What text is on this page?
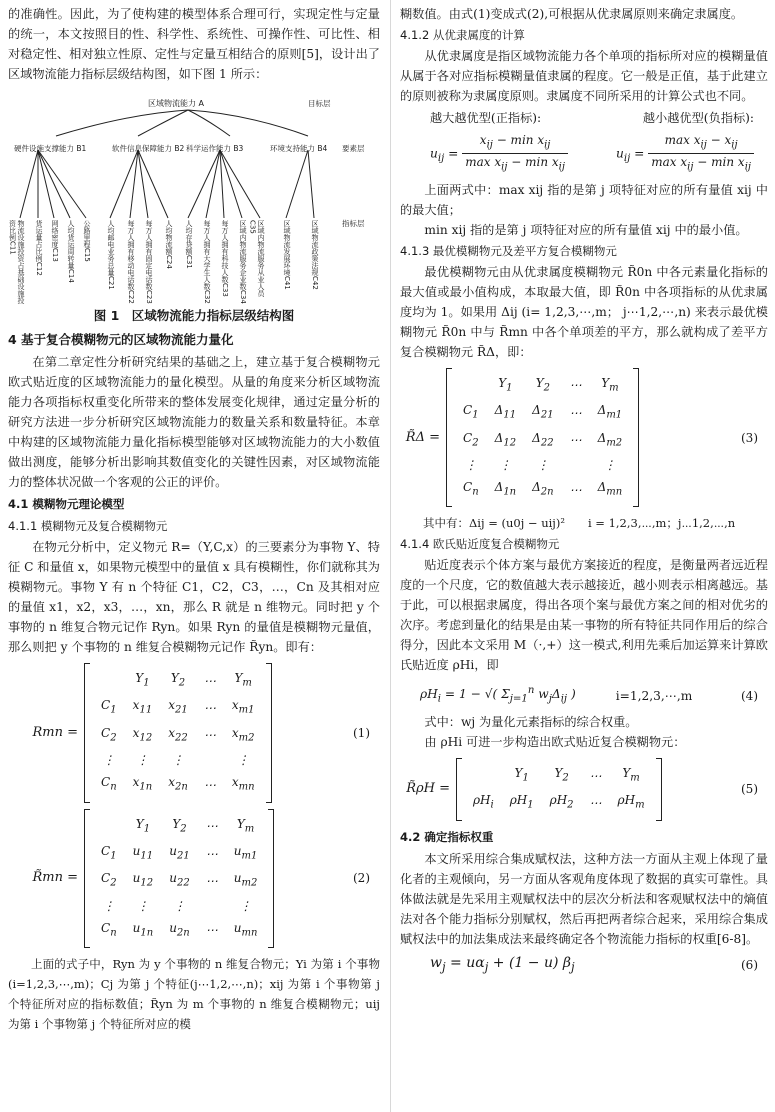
的准确性。因此，为了使构建的模型体系合理可行，实现定性与定量的统一，本文按照目的性、科学性、系统性、可操作性、可比性、相对稳定性、相对独立性原、定性与定量互相结合的原则[5]，设计出了区域物流能力指标层级结构图，如下图 1 所示：

区域物流能力 A	目标层
硬件设施支撑能力 B1	软件信息保障能力 B2 科学运作能力 B3	环境支持能力 B4 要素层
指标层
物流设施投资占基础设施投资比例C11	货运量占比例C12 网络密度C13 人均货运周转量C14 公路里程C15 人均邮电业务总量C21 每万人拥有移动电话数C22 每万人拥有固定电话数C23 人均物流额C24 人均存贷额C31 每万人拥有大学生人数C32 每万人拥有科技人数C33 区域内物流服务企业数C34 区域内物流服务从业人员C35	区域物流发展环境C41	区域物流政策法规C42
图 1　区域物流能力指标层级结构图
4 基于复合模糊物元的区域物流能力量化

在第二章定性分析研究结果的基础之上，建立基于复合模糊物元欧式贴近度的区域物流能力的量化模型。从量的角度来分析区域物流能力各项指标权重变化所带来的整体发展变化规律，通过定量分析的研究方法进一步分析研究区域物流能力的数量关系和数量特征。本章中构建的区域物流能力量化指标模型能够对区域物流能力的大小数值做出测度，能够分析出影响其数值变化的关键性因素，对区域物流能力的整体状况做一个客观的公正的评价。

4.1 模糊物元理论模型
4.1.1 模糊物元及复合模糊物元

在物元分析中，定义物元 R=（Y,C,x）的三要素分为事物 Y、特征 C 和量值 x，如果物元模型中的量值 x 具有模糊性，你们就称其为模糊物元。事物 Y 有 n 个特征 C1，C2，C3，…，Cn 及其相对应的量值 x1，x2，x3，…，xn，那么 R 就是 n 维物元。同时把 y 个事物的 n 维复合物元记作 Ryn。如果 Ryn 的量值是模糊物元量值，那么则把 y 个事物的 n 维复合模糊物元记作 R̃yn。即有：

Rmn =
	$Y_1$	$Y_2$	⋯	$Y_m$
$C_1$	$x_{11}$	$x_{21}$	⋯	$x_{m1}$
$C_2$	$x_{12}$	$x_{22}$	⋯	$x_{m2}$
⋮	⋮	⋮		⋮
$C_n$	$x_{1n}$	$x_{2n}$	⋯	$x_{mn}$
(1)
R̃mn =
	$Y_1$	$Y_2$	⋯	$Y_m$
$C_1$	$u_{11}$	$u_{21}$	⋯	$u_{m1}$
$C_2$	$u_{12}$	$u_{22}$	⋯	$u_{m2}$
⋮	⋮	⋮		⋮
$C_n$	$u_{1n}$	$u_{2n}$	⋯	$u_{mn}$
(2)

上面的式子中，Ryn 为 y 个事物的 n 维复合物元；Yi 为第 i 个事物(i=1,2,3,⋯,m)；Cj 为第 j 个特征(j⋯1,2,⋯,n)；xij 为第 i 个事物第 j 个特征所对应的指标数值；R̃yn 为 m 个事物的 n 维复合模糊物元；uij 为第 i 个事物第 j 个特征所对应的模

糊数值。由式(1)变成式(2),可根据从优隶属原则来确定隶属度。

4.1.2 从优隶属度的计算

从优隶属度是指区域物流能力各个单项的指标所对应的模糊量值从属于各对应指标模糊量值隶属的程度。它一般是正值，基于此建立的原则被称为隶属度原则。隶属度不同所采用的计算公式也不同。

越大越优型(正指标):	越小越优型(负指标):
$u_{ij} = \frac{x_{ij} - \min x_{ij}}{\max x_{ij} - \min x_{ij}}$	$u_{ij} = \frac{\max x_{ij} - x_{ij}}{\max x_{ij} - \min x_{ij}}$

上面两式中：max xij 指的是第 j 项特征对应的所有量值 xij 中的最大值；

min xij 指的是第 j 项特征对应的所有量值 xij 中的最小值。

4.1.3 最优模糊物元及差平方复合模糊物元

最优模糊物元由从优隶属度模糊物元 R̃0n 中各元素量化指标的最大值或最小值构成，本取最大值，即 R̃0n 中各项指标的从优隶属度均为 1。如果用 Δij (i= 1,2,3,⋯,m； j⋯1,2,⋯,n) 来表示最优模糊物元 R̃0n 中与 R̃mn 中各个单项差的平方，那么就构成了差平方复合模糊物元 R̃Δ，即：

R̃Δ =
	$Y_1$	$Y_2$	⋯	$Y_m$
$C_1$	$\Delta_{11}$	$\Delta_{21}$	⋯	$\Delta_{m1}$
$C_2$	$\Delta_{12}$	$\Delta_{22}$	⋯	$\Delta_{m2}$
⋮	⋮	⋮		⋮
$C_n$	$\Delta_{1n}$	$\Delta_{2n}$	⋯	$\Delta_{mn}$
(3)

其中有：Δij = (u0j − uij)²　　i = 1,2,3,⋯,m；j⋯1,2,⋯,n

4.1.4 欧氏贴近度复合模糊物元

贴近度表示个体方案与最优方案接近的程度，是衡量两者远近程度的一个尺度，它的数值越大表示越接近，越小则表示相离越远。基于此，可以根据隶属度，得出各项个案与最优方案之间的相对优劣的次序。考虑到量化的结果是由某一事物的所有特征共同作用后的综合得分，因此本文采用 M（·,+）这一模式,利用先乘后加运算来计算欧氏贴近度 ρHi，即

$\rho H_i = 1$ − √( $\Sigma_{j=1}^n$ $w_j\Delta_{ij}$ )	i=1,2,3,⋯,m	(4)

式中：wj 为量化元素指标的综合权重。

由 ρHi 可进一步构造出欧式贴近复合模糊物元：

R̃ρH =
	$Y_1$	$Y_2$	⋯	$Y_m$
$\rho H_i$	$\rho H_1$	$\rho H_2$	⋯	$\rho H_m$
(5)
4.2 确定指标权重

本文所采用综合集成赋权法，这种方法一方面从主观上体现了量化者的主观倾向，另一方面从客观角度体现了数据的真实可靠性。具体做法就是先采用主观赋权法中的层次分析法和客观赋权法中的熵值法对各个能力指标分别赋权，然后再把两者综合起来，采用综合集成赋权法中的加法集成法来最终确定各个物流能力指标的权重[6-8]。

$w_j = u\alpha_j + (1 - u)$ $\beta_j$	(6)
